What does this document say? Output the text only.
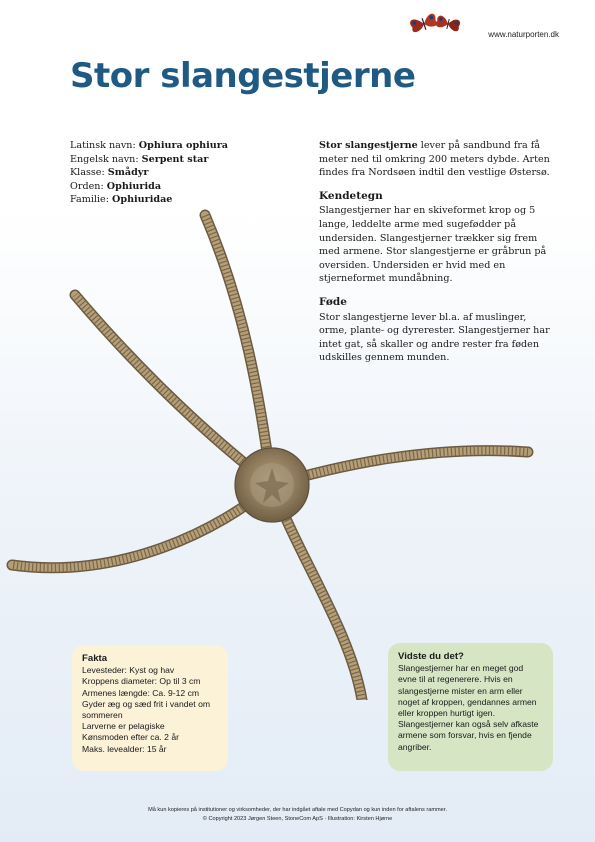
www.naturporten.dk
Stor slangestjerne
Latinsk navn: Ophiura ophiura
Engelsk navn: Serpent star
Klasse: Smådyr
Orden: Ophiurida
Familie: Ophiuridae

Stor slangestjerne lever på sandbund fra få meter ned til omkring 200 meters dybde. Arten findes fra Nordsøen indtil den vestlige Østersø.

Kendetegn

Slangestjerner har en skiveformet krop og 5 lange, leddelte arme med sugefødder på undersiden. Slangestjerner trækker sig frem med armene. Stor slangestjerne er gråbrun på oversiden. Undersiden er hvid med en stjerneformet mundåbning.

Føde

Stor slangestjerne lever bl.a. af muslinger, orme, plante- og dyrerester. Slangestjerner har intet gat, så skaller og andre rester fra føden udskilles gennem munden.

Fakta
Levesteder: Kyst og hav
Kroppens diameter: Op til 3 cm
Armenes længde: Ca. 9-12 cm
Gyder æg og sæd frit i vandet om sommeren
Larverne er pelagiske
Kønsmoden efter ca. 2 år
Maks. levealder: 15 år
Vidste du det?
Slangestjerner har en meget god evne til at regenerere. Hvis en slangestjerne mister en arm eller noget af kroppen, gendannes armen eller kroppen hurtigt igen. Slangestjerner kan også selv afkaste armene som forsvar, hvis en fjende angriber.
Må kun kopieres på institutioner og virksomheder, der har indgået aftale med Copydan og kun inden for aftalens rammer.
© Copyright 2023 Jørgen Steen, StoneCom ApS · Illustration: Kirsten Hjørne
